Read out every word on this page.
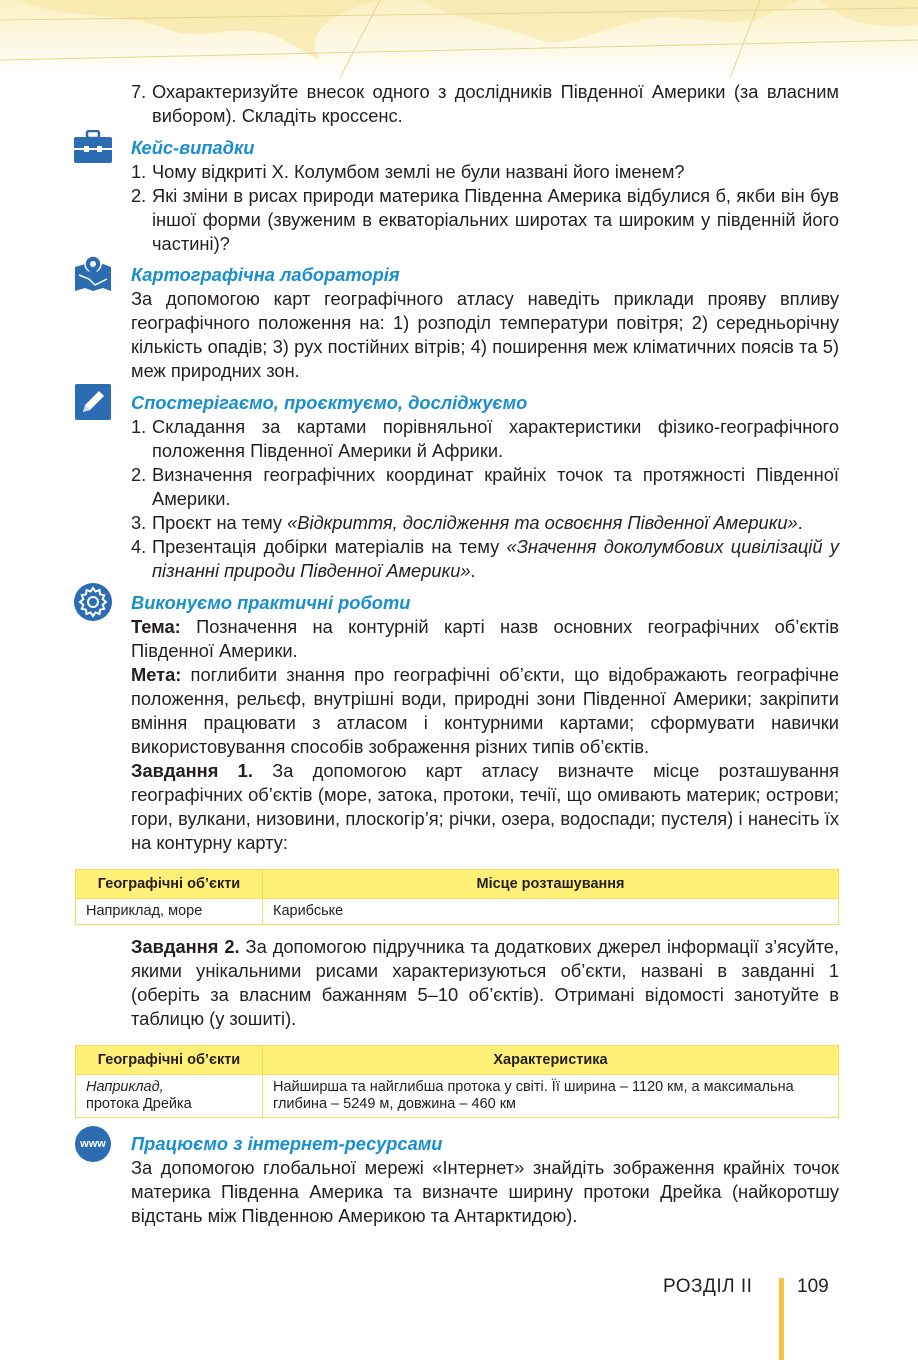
7. Охарактеризуйте внесок одного з дослідників Південної Америки (за власним вибором). Складіть кроссенс.

Кейс-випадки

1. Чому відкриті Х. Колумбом землі не були названі його іменем?
2. Які зміни в рисах природи материка Південна Америка відбулися б, якби він був іншої форми (звуженим в екваторіальних широтах та широким у південній його частині)?

Картографічна лабораторія

За допомогою карт географічного атласу наведіть приклади прояву впливу географічного положення на: 1) розподіл температури повітря; 2) середньорічну кількість опадів; 3) рух постійних вітрів; 4) поширення меж кліматичних поясів та 5) меж природних зон.

Спостерігаємо, проєктуємо, досліджуємо

1. Складання за картами порівняльної характеристики фізико-географічного положення Південної Америки й Африки.
2. Визначення географічних координат крайніх точок та протяжності Південної Америки.
3. Проєкт на тему «Відкриття, дослідження та освоєння Південної Америки».
4. Презентація добірки матеріалів на тему «Значення доколумбових цивілізацій у пізнанні природи Південної Америки».

Виконуємо практичні роботи

Тема: Позначення на контурній карті назв основних географічних об’єктів Південної Америки.

Мета: поглибити знання про географічні об’єкти, що відображають географічне положення, рельєф, внутрішні води, природні зони Південної Америки; закріпити вміння працювати з атласом і контурними картами; сформувати навички використовування способів зображення різних типів об’єктів.

Завдання 1. За допомогою карт атласу визначте місце розташування географічних об’єктів (море, затока, протоки, течії, що омивають материк; острови; гори, вулкани, низовини, плоскогір’я; річки, озера, водоспади; пустеля) і нанесіть їх на контурну карту:

Географічні об’єкти	Місце розташування
Наприклад, море	Карибське

Завдання 2. За допомогою підручника та додаткових джерел інформації з’ясуйте, якими унікальними рисами характеризуються об’єкти, названі в завданні 1 (оберіть за власним бажанням 5–10 об’єктів). Отримані відомості занотуйте в таблицю (у зошиті).

Географічні об’єкти	Характеристика
Наприклад,
протока Дрейка	Найширша та найглибша протока у світі. Її ширина – 1120 км, а максимальна глибина – 5249 м, довжина – 460 км
www	Працюємо з інтернет-ресурсами

За допомогою глобальної мережі «Інтернет» знайдіть зображення крайніх точок материка Південна Америка та визначте ширину протоки Дрейка (найкоротшу відстань між Південною Америкою та Антарктидою).

РОЗДІЛ II 109
